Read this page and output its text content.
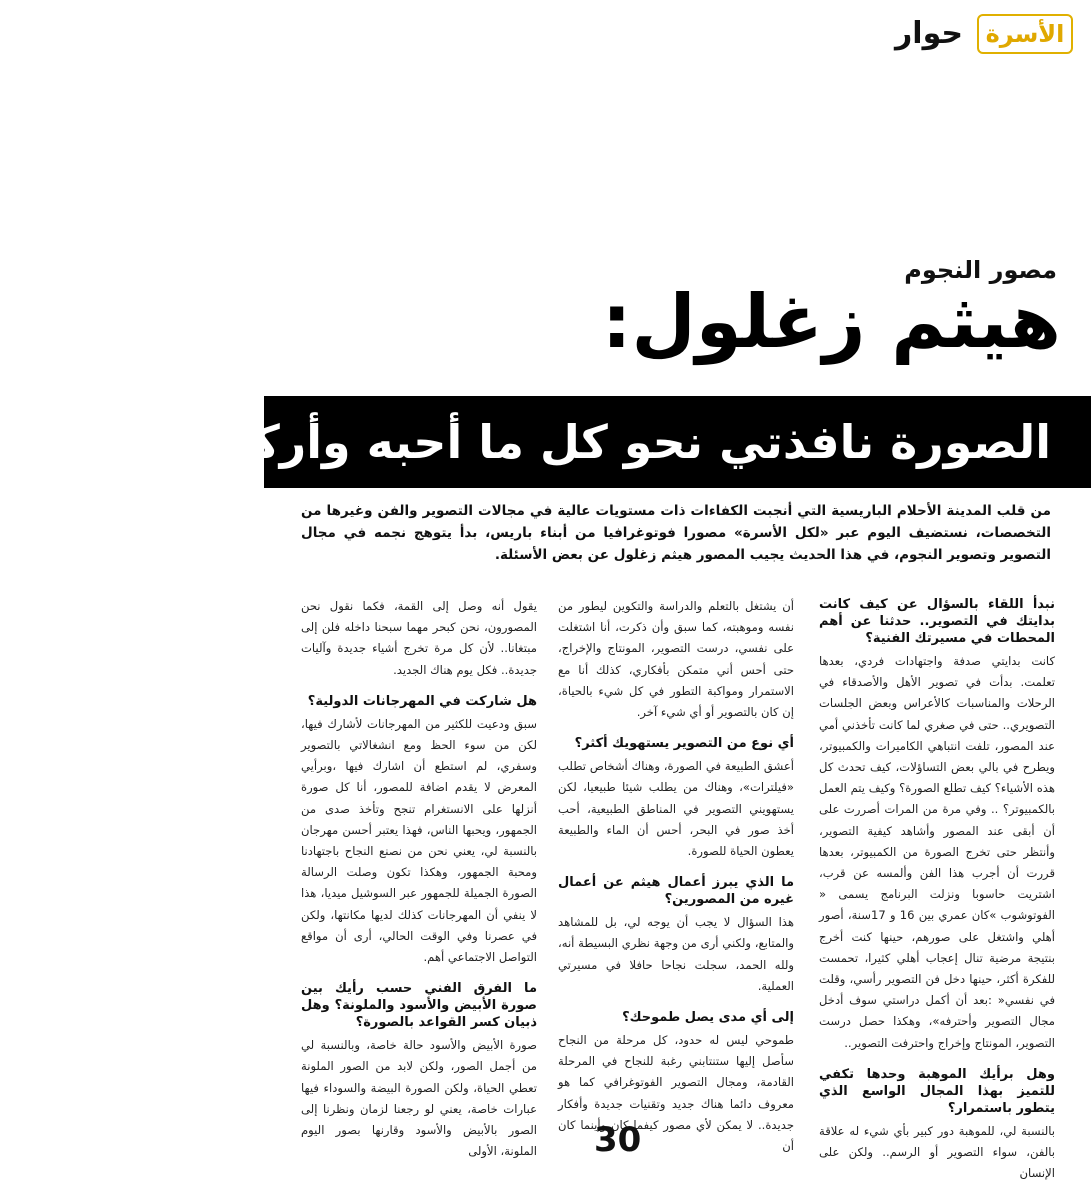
الأسرة
حوار
مصور النجوم
هيثم زغلول:
الصورة نافذتي نحو كل ما أحبه وأركض وراءه...
من قلب المدينة الأحلام الباريسية التي أنجبت الكفاءات ذات مستويات عالية في مجالات التصوير والفن وغيرها من التخصصات، نستضيف اليوم عبر «لكل الأسرة» مصورا فوتوغرافيا من أبناء باريس، بدأ يتوهج نجمه في مجال التصوير وتصوير النجوم، في هذا الحديث يجيب المصور هيثم زغلول عن بعض الأسئلة.
نبدأ اللقاء بالسؤال عن كيف كانت بدايتك في التصوير.. حدثنا عن أهم المحطات في مسيرتك الفنية؟

كانت بدايتي صدفة واجتهادات فردي، بعدها تعلمت. بدأت في تصوير الأهل والأصدقاء في الرحلات والمناسبات كالأعراس وبعض الجلسات التصويري.. حتى في صغري لما كانت تأخذني أمي عند المصور، تلفت انتباهي الكاميرات والكمبيوتر، ويطرح في بالي بعض التساؤلات، كيف تحدث كل هذه الأشياء؟ كيف تطلع الصورة؟ وكيف يتم العمل بالكمبيوتر؟ .. وفي مرة من المرات أصررت على أن أبقى عند المصور وأشاهد كيفية التصوير، وأنتظر حتى تخرج الصورة من الكمبيوتر، بعدها قررت أن أجرب هذا الفن وألمسه عن قرب، اشتريت حاسوبا ونزلت البرنامج يسمى « الفوتوشوب »كان عمري بين 16 و 17سنة، أصور أهلي واشتغل على صورهم، حينها كنت أخرج بنتيجة مرضية تنال إعجاب أهلي كثيرا، تحمست للفكرة أكثر، حينها دخل فن التصوير رأسي، وقلت في نفسي« :بعد أن أكمل دراستي سوف أدخل مجال التصوير وأحترفه»، وهكذا حصل درست التصوير، المونتاج وإخراج واحترفت التصوير..

وهل برأيك الموهبة وحدها تكفي للتميز بهذا المجال الواسع الذي يتطور باستمرار؟

بالنسبة لي، للموهبة دور كبير بأي شيء له علاقة بالفن، سواء التصوير أو الرسم.. ولكن على الإنسان

أن يشتغل بالتعلم والدراسة والتكوين ليطور من نفسه وموهبته، كما سبق وأن ذكرت، أنا اشتغلت على نفسي، درست التصوير، المونتاج والإخراج، حتى أحس أني متمكن بأفكاري، كذلك أنا مع الاستمرار ومواكبة التطور في كل شيء بالحياة، إن كان بالتصوير أو أي شيء آخر.

أي نوع من التصوير يستهويك أكثر؟

أعشق الطبيعة في الصورة، وهناك أشخاص تطلب «فيلترات»، وهناك من يطلب شيئا طبيعيا، لكن يستهويني التصوير في المناطق الطبيعية، أحب أخذ صور في البحر، أحس أن الماء والطبيعة يعطون الحياة للصورة.

ما الذي يبرز أعمال هيثم عن أعمال غيره من المصورين؟

هذا السؤال لا يجب أن يوجه لي، بل للمشاهد والمتابع، ولكني أرى من وجهة نظري البسيطة أنه، ولله الحمد، سجلت نجاحا حافلا في مسيرتي العملية.

إلى أي مدى يصل طموحك؟

طموحي ليس له حدود، كل مرحلة من النجاح سأصل إليها ستنتابني رغبة للنجاح في المرحلة القادمة، ومجال التصوير الفوتوغرافي كما هو معروف دائما هناك جديد وتقنيات جديدة وأفكار جديدة.. لا يمكن لأي مصور كيفما كان وأينما كان أن

يقول أنه وصل إلى القمة، فكما نقول نحن المصورون، نحن كبحر مهما سبحنا داخله فلن إلى مبتغانا.. لأن كل مرة تخرج أشياء جديدة وآليات جديدة.. فكل يوم هناك الجديد.

هل شاركت في المهرجانات الدولية؟

سبق ودعيت للكثير من المهرجانات لأشارك فيها، لكن من سوء الحظ ومع انشغالاتي بالتصوير وسفري، لم استطع أن اشارك فيها ،وبرأيي المعرض لا يقدم اضافة للمصور، أنا كل صورة أنزلها على الانستغرام تنجح وتأخذ صدى من الجمهور، ويحبها الناس، فهذا يعتبر أحسن مهرجان بالنسبة لي، يعني نحن من نصنع النجاح باجتهادنا ومحبة الجمهور، وهكذا تكون وصلت الرسالة الصورة الجميلة للجمهور عبر السوشيل ميديا، هذا لا ينفي أن المهرجانات كذلك لديها مكانتها، ولكن في عصرنا وفي الوقت الحالي، أرى أن مواقع التواصل الاجتماعي أهم.

ما الفرق الفني حسب رأيك بين صورة الأبيض والأسود والملونة؟ وهل ذبيان كسر القواعد بالصورة؟

صورة الأبيض والأسود حالة خاصة، وبالنسبة لي من أجمل الصور، ولكن لابد من الصور الملونة تعطي الحياة، ولكن الصورة البيضة والسوداء فيها عبارات خاصة، يعني لو رجعنا لزمان ونظرنا إلى الصور بالأبيض والأسود وقارنها بصور اليوم الملونة، الأولى 30
